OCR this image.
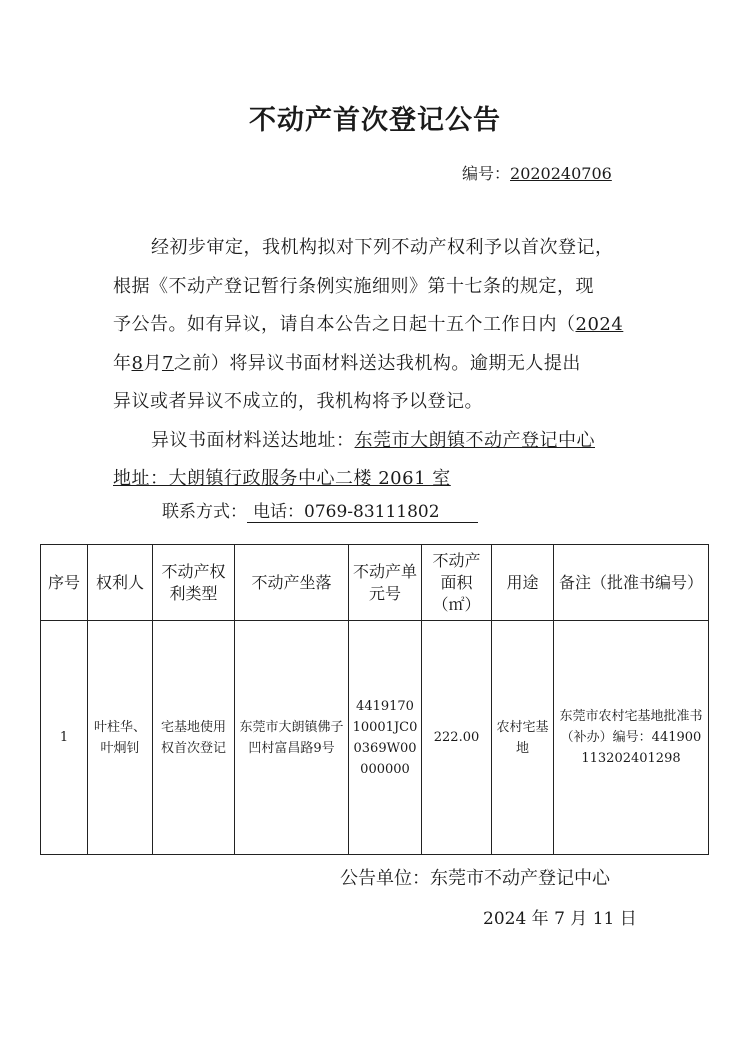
不动产首次登记公告
编号：2020240706
经初步审定，我机构拟对下列不动产权利予以首次登记，
根据《不动产登记暂行条例实施细则》第十七条的规定，现
予公告。如有异议，请自本公告之日起十五个工作日内（2024
年8月7之前）将异议书面材料送达我机构。逾期无人提出
异议或者异议不成立的，我机构将予以登记。
异议书面材料送达地址：东莞市大朗镇不动产登记中心
地址：大朗镇行政服务中心二楼 2061 室
联系方式： 电话：0769-83111802
序号	权利人	不动产权利类型	不动产坐落	不动产单元号	不动产面积（㎡）	用途	备注（批准书编号）
1	叶柱华、叶炯钊	宅基地使用权首次登记	东莞市大朗镇佛子凹村富昌路9号	441917010001JC00369W00000000	222.00	农村宅基地	东莞市农村宅基地批准书（补办）编号：441900113202401298
公告单位：东莞市不动产登记中心
2024 年 7 月 11 日
